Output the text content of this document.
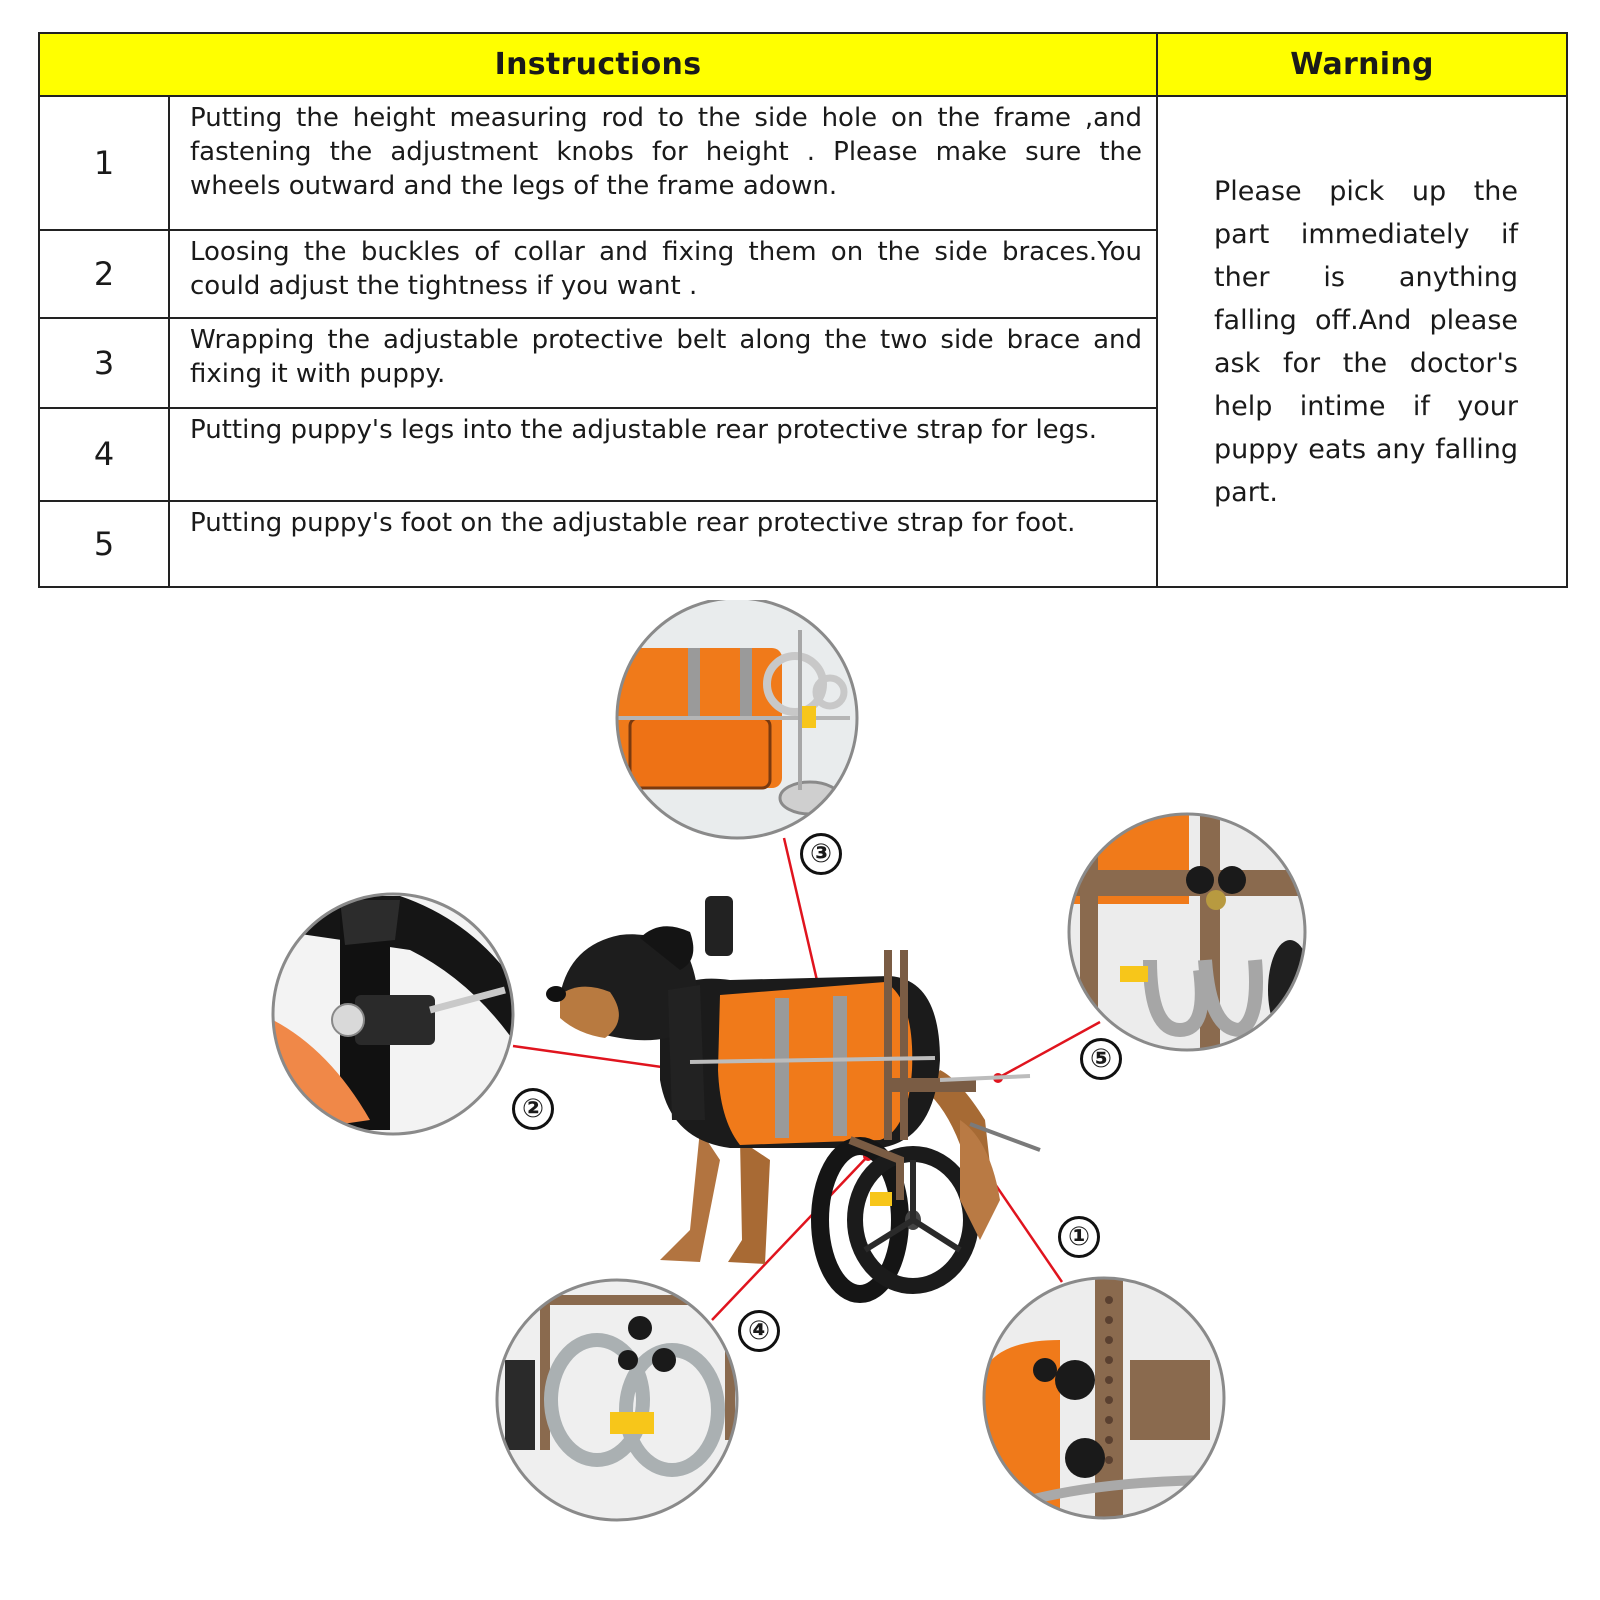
Instructions		Warning
1	Putting the height measuring rod to the side hole on the frame ,and fastening the adjustment knobs for height . Please make sure the wheels outward and the legs of the frame adown.	Please pick up the part immediately if ther is anything falling off.And please ask for the doctor's help intime if your puppy eats any falling part.
2	Loosing the buckles of collar and fixing them on the side braces.You could adjust the tightness if you want .	
3	Wrapping the adjustable protective belt along the two side brace and fixing it with puppy.	
4	Putting puppy's legs into the adjustable rear protective strap for legs.	
5	Putting puppy's foot on the adjustable rear protective strap for foot.	
③
②
⑤
①
④
